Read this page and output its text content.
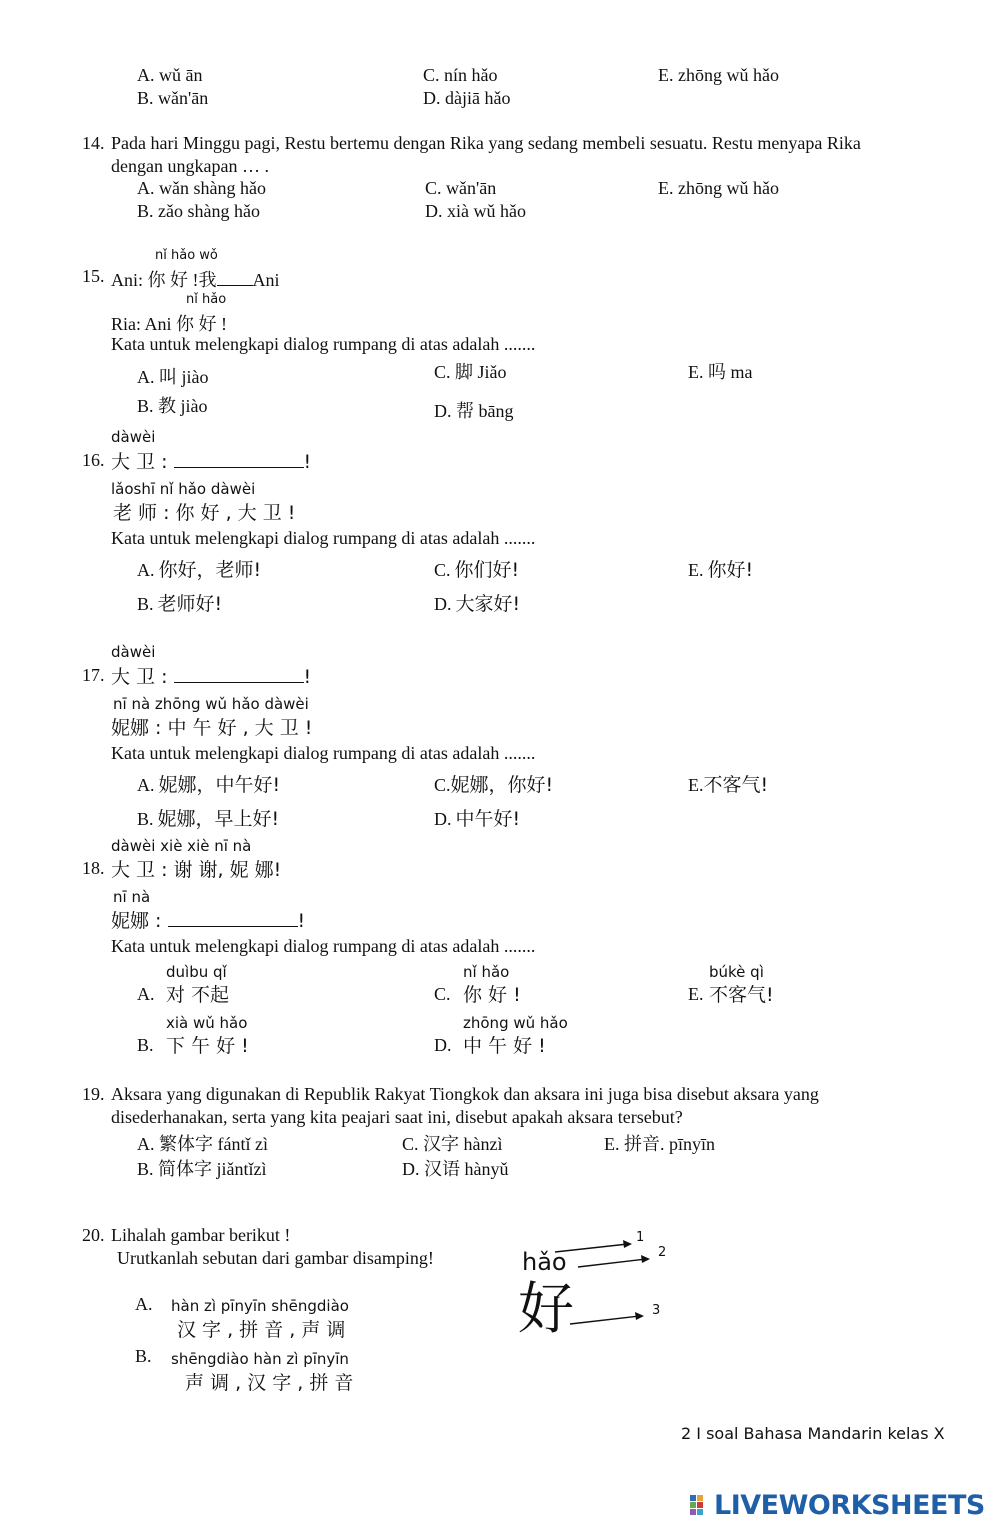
A. wǔ ān
B. wǎn'ān
C. nín hǎo
D. dàjiā hǎo
E. zhōng wǔ hǎo
14. Pada hari Minggu pagi, Restu bertemu dengan Rika yang sedang membeli sesuatu. Restu menyapa Rika
dengan ungkapan … .
A. wǎn shàng hǎo
B. zǎo shàng hǎo
C. wǎn'ān
D. xià wǔ hǎo
E. zhōng wǔ hǎo
nǐ hǎo wǒ
15. Ani: 你 好 !我 Ani
nǐ hǎo
Ria: Ani 你 好 !
Kata untuk melengkapi dialog rumpang di atas adalah .......
A. 叫 jiào
B. 教 jiào
C. 脚 Jiǎo
D. 帮 bāng
E. 吗 ma
dàwèi
16. 大 卫 :	!
lǎoshī nǐ hǎo dàwèi
老 师 : 你 好 , 大 卫 !
Kata untuk melengkapi dialog rumpang di atas adalah .......
A. 你好，老师!
B. 老师好!
C. 你们好!
D. 大家好!
E. 你好!
dàwèi
17. 大 卫 :	!
nī nà zhōng wǔ hǎo dàwèi
妮娜 : 中 午 好 , 大 卫 !
Kata untuk melengkapi dialog rumpang di atas adalah .......
A. 妮娜，中午好!
B. 妮娜，早上好!
C.妮娜，你好!
D. 中午好!
E.不客气!
dàwèi xiè xiè nī nà
18. 大 卫 : 谢 谢, 妮 娜!
nī nà
妮娜 :	!
Kata untuk melengkapi dialog rumpang di atas adalah .......
A.
duìbu qǐ
对 不起
B.
xià wǔ hǎo
下 午 好 !
C.
nǐ hǎo
你 好 !
D.
zhōng wǔ hǎo
中 午 好 !
E.
búkè qì
不客气!
19. Aksara yang digunakan di Republik Rakyat Tiongkok dan aksara ini juga bisa disebut aksara yang
disederhanakan, serta yang kita peajari saat ini, disebut apakah aksara tersebut?
A. 繁体字 fántǐ zì
B. 简体字 jiǎntǐzì
C. 汉字 hànzì
D. 汉语 hànyǔ
E. 拼音. pīnyīn
20. Lihalah gambar berikut !
Urutkanlah sebutan dari gambar disamping!
A. hàn zì pīnyīn shēngdiào
汉 字 , 拼 音 , 声 调
B. shēngdiào hàn zì pīnyīn
声 调 , 汉 字 , 拼 音
hǎo
好
1
2
3
2 I soal Bahasa Mandarin kelas X
LIVEWORKSHEETS
